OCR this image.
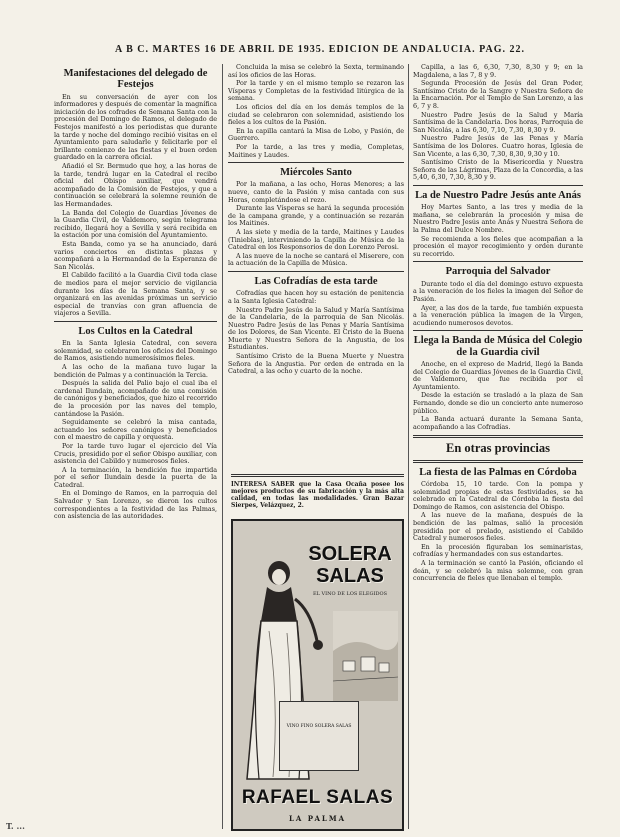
A B C. MARTES 16 DE ABRIL DE 1935. EDICION DE ANDALUCIA. PAG. 22.
Manifestaciones del delegado de Festejos

En su conversación de ayer con los informadores y después de comentar la magnífica iniciación de los cofrades de Semana Santa con la procesión del Domingo de Ramos, el delegado de Festejos manifestó a los periodistas que durante la tarde y noche del domingo recibió visitas en el Ayuntamiento para saludarle y felicitarle por el brillante comienzo de las fiestas y el buen orden guardado en la carrera oficial.

Añadió el Sr. Bermudo que hoy, a las horas de la tarde, tendrá lugar en la Catedral el recibo oficial del Obispo auxiliar, que vendrá acompañado de la Comisión de Festejos, y que a continuación se celebrará la solemne reunión de las Hermandades.

La Banda del Colegio de Guardias Jóvenes de la Guardia Civil, de Valdemoro, según telegrama recibido, llegará hoy a Sevilla y será recibida en la estación por una comisión del Ayuntamiento.

Esta Banda, como ya se ha anunciado, dará varios conciertos en distintas plazas y acompañará a la Hermandad de la Esperanza de San Nicolás.

El Cabildo facilitó a la Guardia Civil toda clase de medios para el mejor servicio de vigilancia durante los días de la Semana Santa, y se organizará en las avenidas próximas un servicio especial de tranvías con gran afluencia de viajeros a Sevilla.

Los Cultos en la Catedral

En la Santa Iglesia Catedral, con severa solemnidad, se celebraron los oficios del Domingo de Ramos, asistiendo numerosísimos fieles.

A las ocho de la mañana tuvo lugar la bendición de Palmas y a continuación la Tercia.

Después la salida del Palio bajo el cual iba el cardenal Ilundain, acompañado de una comisión de canónigos y beneficiados, que hizo el recorrido de la procesión por las naves del templo, cantándose la Pasión.

Seguidamente se celebró la misa cantada, actuando los señores canónigos y beneficiados con el maestro de capilla y orquesta.

Por la tarde tuvo lugar el ejercicio del Vía Crucis, presidido por el señor Obispo auxiliar, con asistencia del Cabildo y numerosos fieles.

A la terminación, la bendición fue impartida por el señor Ilundain desde la puerta de la Catedral.

En el Domingo de Ramos, en la parroquia del Salvador y San Lorenzo, se dieron los cultos correspondientes a la festividad de las Palmas, con asistencia de las autoridades.

Concluida la misa se celebró la Sexta, terminando así los oficios de las Horas.

Por la tarde y en el mismo templo se rezaron las Vísperas y Completas de la festividad litúrgica de la semana.

Los oficios del día en los demás templos de la ciudad se celebraron con solemnidad, asistiendo los fieles a los cultos de la Pasión.

En la capilla cantará la Misa de Lobo, y Pasión, de Guerrero.

Por la tarde, a las tres y media, Completas, Maitines y Laudes.

Miércoles Santo

Por la mañana, a las ocho, Horas Menores; a las nueve, canto de la Pasión y misa cantada con sus Horas, completándose el rezo.

Durante las Vísperas se hará la segunda procesión de la campana grande, y a continuación se rezarán los Maitines.

A las siete y media de la tarde, Maitines y Laudes (Tinieblas), interviniendo la Capilla de Música de la Catedral en los Responsorios de don Lorenzo Perosi.

A las nueve de la noche se cantará el Miserere, con la actuación de la Capilla de Música.

Las Cofradías de esta tarde

Cofradías que hacen hoy su estación de penitencia a la Santa Iglesia Catedral:

Nuestro Padre Jesús de la Salud y María Santísima de la Candelaria, de la parroquia de San Nicolás. Nuestro Padre Jesús de las Penas y María Santísima de los Dolores, de San Vicente. El Cristo de la Buena Muerte y Nuestra Señora de la Angustia, de los Estudiantes.

Santísimo Cristo de la Buena Muerte y Nuestra Señora de la Angustia. Por orden de entrada en la Catedral, a las ocho y cuarto de la noche.

INTERESA SABER que la Casa Ocaña posee los mejores productos de su fabricación y la más alta calidad, en todas las modalidades. Gran Bazar Sierpes, Velázquez, 2.
SOLERA SALAS
EL VINO DE LOS ELEGIDOS
VINO FINO SOLERA SALAS
RAFAEL SALAS
LA PALMA

Capilla, a las 6, 6,30, 7,30, 8,30 y 9; en la Magdalena, a las 7, 8 y 9.

Segunda Procesión de Jesús del Gran Poder, Santísimo Cristo de la Sangre y Nuestra Señora de la Encarnación. Por el Templo de San Lorenzo, a las 6, 7 y 8.

Nuestro Padre Jesús de la Salud y María Santísima de la Candelaria. Dos horas, Parroquia de San Nicolás, a las 6,30, 7,10, 7,30, 8,30 y 9.

Nuestro Padre Jesús de las Penas y María Santísima de los Dolores. Cuatro horas, Iglesia de San Vicente, a las 6,30, 7,30, 8,30, 9,30 y 10.

Santísimo Cristo de la Misericordia y Nuestra Señora de las Lágrimas, Plaza de la Concordia, a las 5,40, 6,30, 7,30, 8,30 y 9.

La de Nuestro Padre Jesús ante Anás

Hoy Martes Santo, a las tres y media de la mañana, se celebrarán la procesión y misa de Nuestro Padre Jesús ante Anás y Nuestra Señora de la Palma del Dulce Nombre.

Se recomienda a los fieles que acompañan a la procesión el mayor recogimiento y orden durante su recorrido.

Parroquia del Salvador

Durante todo el día del domingo estuvo expuesta a la veneración de los fieles la imagen del Señor de Pasión.

Ayer, a las dos de la tarde, fue también expuesta a la veneración pública la imagen de la Virgen, acudiendo numerosos devotos.

Llega la Banda de Música del Colegio de la Guardia civil

Anoche, en el expreso de Madrid, llegó la Banda del Colegio de Guardias Jóvenes de la Guardia Civil, de Valdemoro, que fue recibida por el Ayuntamiento.

Desde la estación se trasladó a la plaza de San Fernando, donde se dio un concierto ante numeroso público.

La Banda actuará durante la Semana Santa, acompañando a las Cofradías.

En otras provincias
La fiesta de las Palmas en Córdoba

Córdoba 15, 10 tarde. Con la pompa y solemnidad propias de estas festividades, se ha celebrado en la Catedral de Córdoba la fiesta del Domingo de Ramos, con asistencia del Obispo.

A las nueve de la mañana, después de la bendición de las palmas, salió la procesión presidida por el prelado, asistiendo el Cabildo Catedral y numerosos fieles.

En la procesión figuraban los seminaristas, cofradías y hermandades con sus estandartes.

A la terminación se cantó la Pasión, oficiando el deán, y se celebró la misa solemne, con gran concurrencia de fieles que llenaban el templo.

T. ...
